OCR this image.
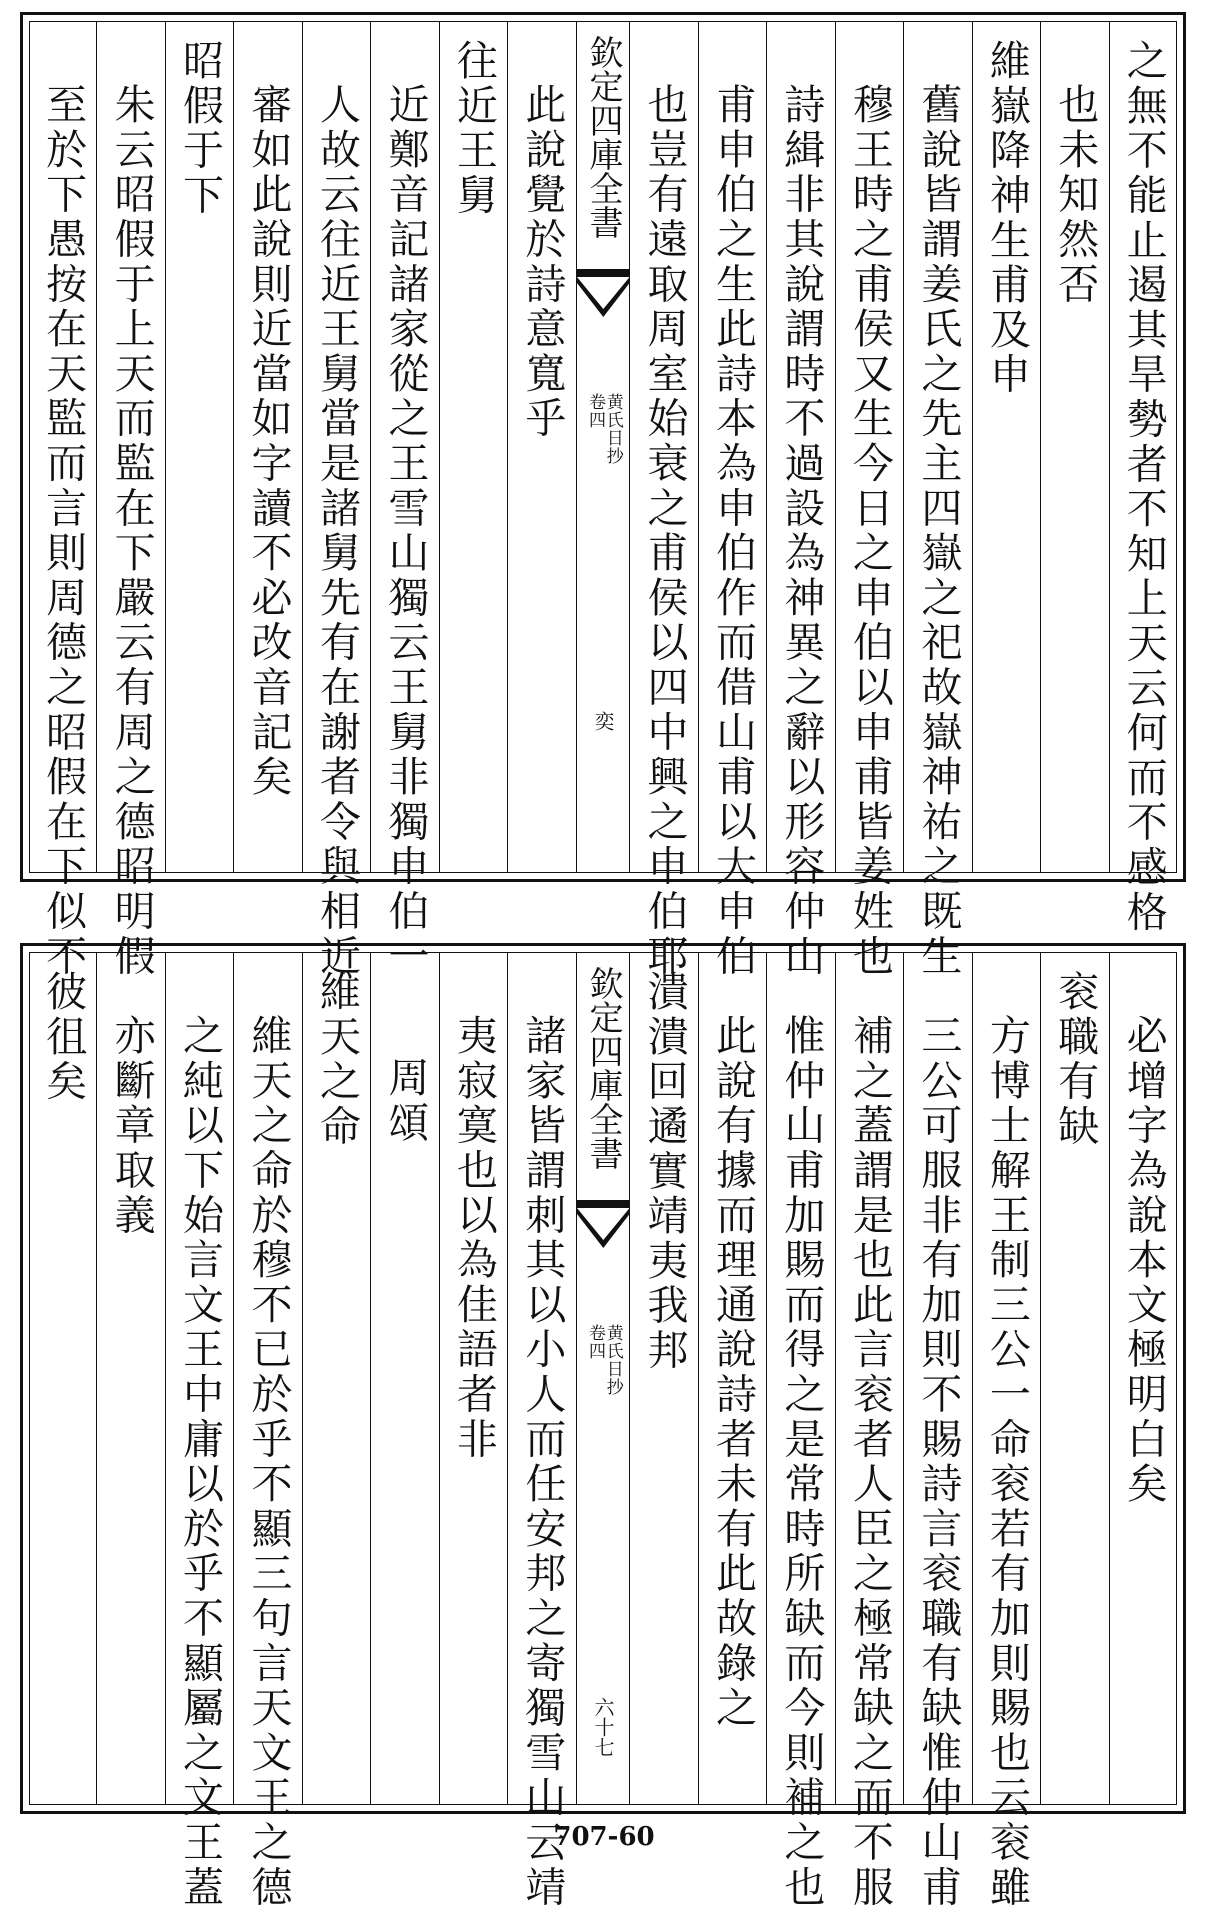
之無不能止遏其旱勢者不知上天云何而不感格
也未知然否
維嶽降神生甫及申
舊說皆謂姜氏之先主四嶽之祀故嶽神祐之既生
穆王時之甫侯又生今日之申伯以申甫皆姜姓也
詩緝非其說謂時不過設為神異之辭以形容仲山
甫申伯之生此詩本為申伯作而借山甫以大申伯
也豈有遠取周室始衰之甫侯以四中興之申伯耶
欽定四庫全書
黄氏日抄
卷四
奕
此說覺於詩意寬乎
往近王舅
近鄭音記諸家從之王雪山獨云王舅非獨申伯一
人故云往近王舅當是諸舅先有在謝者令與相近
審如此說則近當如字讀不必改音記矣
昭假于下
朱云昭假于上天而監在下嚴云有周之德昭明假
至於下愚按在天監而言則周德之昭假在下似不
必增字為說本文極明白矣
衮職有缺
方博士解王制三公一命衮若有加則賜也云衮雖
三公可服非有加則不賜詩言衮職有缺惟仲山甫
補之蓋謂是也此言衮者人臣之極常缺之而不服
惟仲山甫加賜而得之是常時所缺而今則補之也
此說有據而理通說詩者未有此故錄之
潰潰回遹實靖夷我邦
欽定四庫全書
黄氏日抄
卷四
六十七
諸家皆謂刺其以小人而任安邦之寄獨雪山云靖
夷寂寞也以為佳語者非
周頌
維天之命
維天之命於穆不已於乎不顯三句言天文王之德
之純以下始言文王中庸以於乎不顯屬之文王蓋
亦斷章取義
彼徂矣
707-60
